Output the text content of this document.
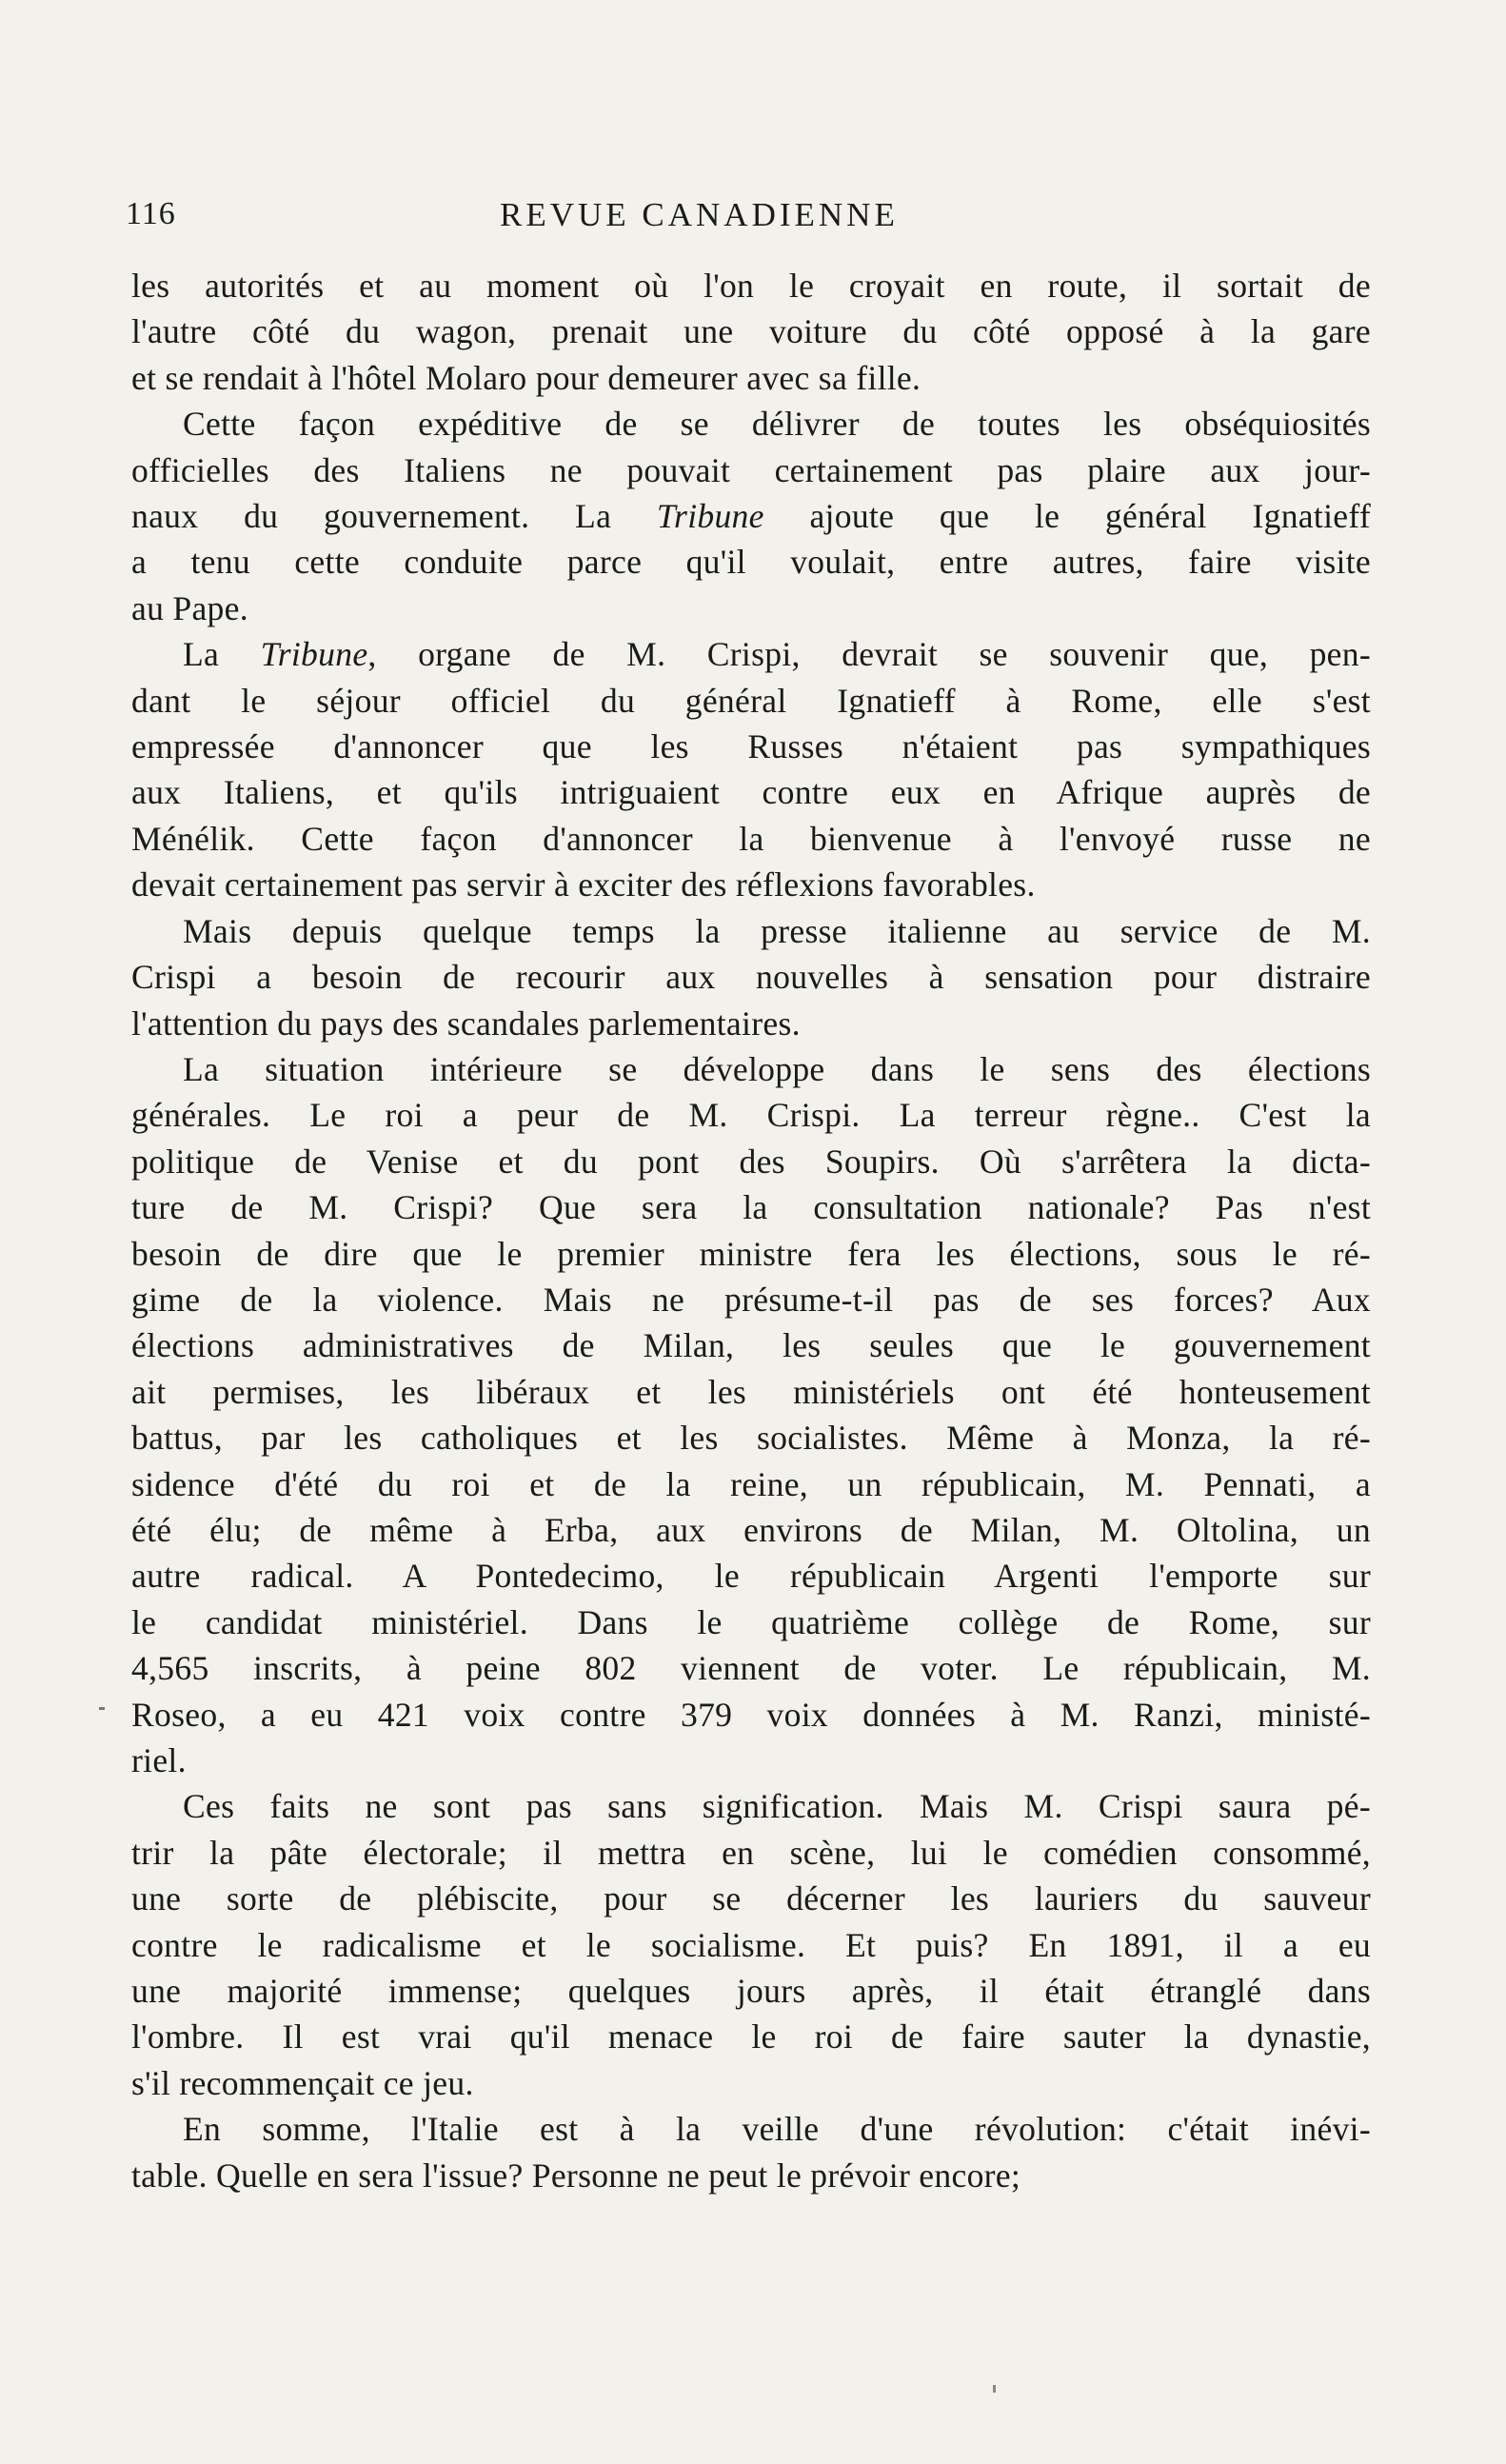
116	REVUE CANADIENNE

les autorités et au moment où l'on le croyait en route, il sortait de
l'autre côté du wagon, prenait une voiture du côté opposé à la gare
et se rendait à l'hôtel Molaro pour demeurer avec sa fille.

Cette façon expéditive de se délivrer de toutes les obséquiosités
officielles des Italiens ne pouvait certainement pas plaire aux jour-
naux du gouvernement. La Tribune ajoute que le général Ignatieff
a tenu cette conduite parce qu'il voulait, entre autres, faire visite
au Pape.

La Tribune, organe de M. Crispi, devrait se souvenir que, pen-
dant le séjour officiel du général Ignatieff à Rome, elle s'est
empressée d'annoncer que les Russes n'étaient pas sympathiques
aux Italiens, et qu'ils intriguaient contre eux en Afrique auprès de
Ménélik. Cette façon d'annoncer la bienvenue à l'envoyé russe ne
devait certainement pas servir à exciter des réflexions favorables.

Mais depuis quelque temps la presse italienne au service de M.
Crispi a besoin de recourir aux nouvelles à sensation pour distraire
l'attention du pays des scandales parlementaires.

La situation intérieure se développe dans le sens des élections
générales. Le roi a peur de M. Crispi. La terreur règne.. C'est la
politique de Venise et du pont des Soupirs. Où s'arrêtera la dicta-
ture de M. Crispi? Que sera la consultation nationale? Pas n'est
besoin de dire que le premier ministre fera les élections, sous le ré-
gime de la violence. Mais ne présume-t-il pas de ses forces? Aux
élections administratives de Milan, les seules que le gouvernement
ait permises, les libéraux et les ministériels ont été honteusement
battus, par les catholiques et les socialistes. Même à Monza, la ré-
sidence d'été du roi et de la reine, un républicain, M. Pennati, a
été élu; de même à Erba, aux environs de Milan, M. Oltolina, un
autre radical. A Pontedecimo, le républicain Argenti l'emporte sur
le candidat ministériel. Dans le quatrième collège de Rome, sur
4,565 inscrits, à peine 802 viennent de voter. Le républicain, M.
Roseo, a eu 421 voix contre 379 voix données à M. Ranzi, ministé-
riel.

Ces faits ne sont pas sans signification. Mais M. Crispi saura pé-
trir la pâte électorale; il mettra en scène, lui le comédien consommé,
une sorte de plébiscite, pour se décerner les lauriers du sauveur
contre le radicalisme et le socialisme. Et puis? En 1891, il a eu
une majorité immense; quelques jours après, il était étranglé dans
l'ombre. Il est vrai qu'il menace le roi de faire sauter la dynastie,
s'il recommençait ce jeu.

En somme, l'Italie est à la veille d'une révolution: c'était inévi-
table. Quelle en sera l'issue? Personne ne peut le prévoir encore;
